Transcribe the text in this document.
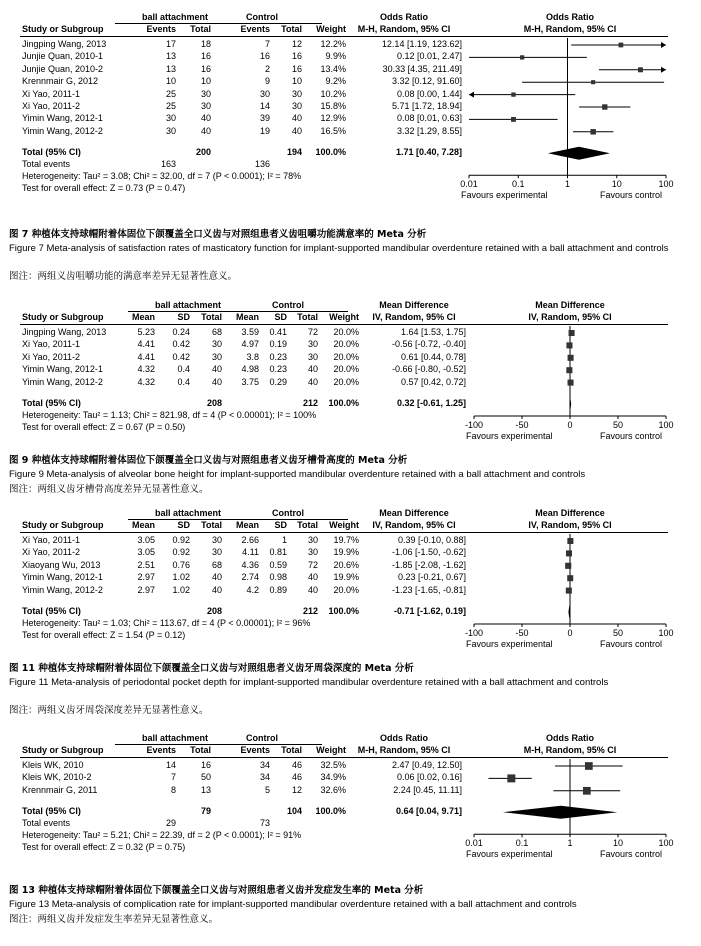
ball attachment	Control	Odds Ratio	Odds Ratio
Study or Subgroup	Events	Total	Events	Total	Weight	M-H, Random, 95% CI	M-H, Random, 95% CI
Jingping Wang, 2013	17	18	7	12	12.2%	12.14 [1.19, 123.62]
Junjie Quan, 2010-1	13	16	16	16	9.9%	0.12 [0.01, 2.47]
Junjie Quan, 2010-2	13	16	2	16	13.4%	30.33 [4.35, 211.49]
Krennmair G, 2012	10	10	9	10	9.2%	3.32 [0.12, 91.60]
Xi Yao, 2011-1	25	30	30	30	10.2%	0.08 [0.00, 1.44]
Xi Yao, 2011-2	25	30	14	30	15.8%	5.71 [1.72, 18.94]
Yimin Wang, 2012-1	30	40	39	40	12.9%	0.08 [0.01, 0.63]
Yimin Wang, 2012-2	30	40	19	40	16.5%	3.32 [1.29, 8.55]
Total (95% CI)	200	194	100.0%	1.71 [0.40, 7.28]
Total events	163	136
Heterogeneity: Tau² = 3.08; Chi² = 32.00, df = 7 (P < 0.0001); I² = 78%
Test for overall effect: Z = 0.73 (P = 0.47)	0.01	0.1	1	10	100
Favours experimental	Favours control
图 7 种植体支持球帽附着体固位下颌覆盖全口义齿与对照组患者义齿咀嚼功能满意率的 Meta 分析
Figure 7 Meta-analysis of satisfaction rates of masticatory function for implant-supported mandibular overdenture retained with a ball attachment and controls
图注：两组义齿咀嚼功能的满意率差异无显著性意义。
ball attachment	Control	Mean Difference	Mean Difference
Study or Subgroup	Mean	SD	Total	Mean	SD	Total	Weight	IV, Random, 95% CI	IV, Random, 95% CI
Jingping Wang, 2013	5.23	0.24	68	3.59	0.41	72	20.0%	1.64 [1.53, 1.75]
Xi Yao, 2011-1	4.41	0.42	30	4.97	0.19	30	20.0%	-0.56 [-0.72, -0.40]
Xi Yao, 2011-2	4.41	0.42	30	3.8	0.23	30	20.0%	0.61 [0.44, 0.78]
Yimin Wang, 2012-1	4.32	0.4	40	4.98	0.23	40	20.0%	-0.66 [-0.80, -0.52]
Yimin Wang, 2012-2	4.32	0.4	40	3.75	0.29	40	20.0%	0.57 [0.42, 0.72]
Total (95% CI)	208	212	100.0%	0.32 [-0.61, 1.25]
Heterogeneity: Tau² = 1.13; Chi² = 821.98, df = 4 (P < 0.00001); I² = 100%
Test for overall effect: Z = 0.67 (P = 0.50)	-100	-50	0	50	100
Favours experimental	Favours control
图 9 种植体支持球帽附着体固位下颌覆盖全口义齿与对照组患者义齿牙槽骨高度的 Meta 分析
Figure 9 Meta-analysis of alveolar bone height for implant-supported mandibular overdenture retained with a ball attachment and controls
图注：两组义齿牙槽骨高度差异无显著性意义。
ball attachment	Control	Mean Difference	Mean Difference
Study or Subgroup	Mean	SD	Total	Mean	SD	Total	Weight	IV, Random, 95% CI	IV, Random, 95% CI
Xi Yao, 2011-1	3.05	0.92	30	2.66	1	30	19.7%	0.39 [-0.10, 0.88]
Xi Yao, 2011-2	3.05	0.92	30	4.11	0.81	30	19.9%	-1.06 [-1.50, -0.62]
Xiaoyang Wu, 2013	2.51	0.76	68	4.36	0.59	72	20.6%	-1.85 [-2.08, -1.62]
Yimin Wang, 2012-1	2.97	1.02	40	2.74	0.98	40	19.9%	0.23 [-0.21, 0.67]
Yimin Wang, 2012-2	2.97	1.02	40	4.2	0.89	40	20.0%	-1.23 [-1.65, -0.81]
Total (95% CI)	208	212	100.0%	-0.71 [-1.62, 0.19]
Heterogeneity: Tau² = 1.03; Chi² = 113.67, df = 4 (P < 0.00001); I² = 96%
Test for overall effect: Z = 1.54 (P = 0.12)	-100	-50	0	50	100
Favours experimental	Favours control
图 11 种植体支持球帽附着体固位下颌覆盖全口义齿与对照组患者义齿牙周袋深度的 Meta 分析
Figure 11 Meta-analysis of periodontal pocket depth for implant-supported mandibular overdenture retained with a ball attachment and controls
图注：两组义齿牙周袋深度差异无显著性意义。
ball attachment	Control	Odds Ratio	Odds Ratio
Study or Subgroup	Events	Total	Events	Total	Weight	M-H, Random, 95% CI	M-H, Random, 95% CI
Kleis WK, 2010	14	16	34	46	32.5%	2.47 [0.49, 12.50]
Kleis WK, 2010-2	7	50	34	46	34.9%	0.06 [0.02, 0.16]
Krennmair G, 2011	8	13	5	12	32.6%	2.24 [0.45, 11.11]
Total (95% CI)	79	104	100.0%	0.64 [0.04, 9.71]
Total events	29	73
Heterogeneity: Tau² = 5.21; Chi² = 22.39, df = 2 (P < 0.0001); I² = 91%
Test for overall effect: Z = 0.32 (P = 0.75)	0.01	0.1	1	10	100
Favours experimental	Favours control
图 13 种植体支持球帽附着体固位下颌覆盖全口义齿与对照组患者义齿并发症发生率的 Meta 分析
Figure 13 Meta-analysis of complication rate for implant-supported mandibular overdenture retained with a ball attachment and controls
图注：两组义齿并发症发生率差异无显著性意义。
